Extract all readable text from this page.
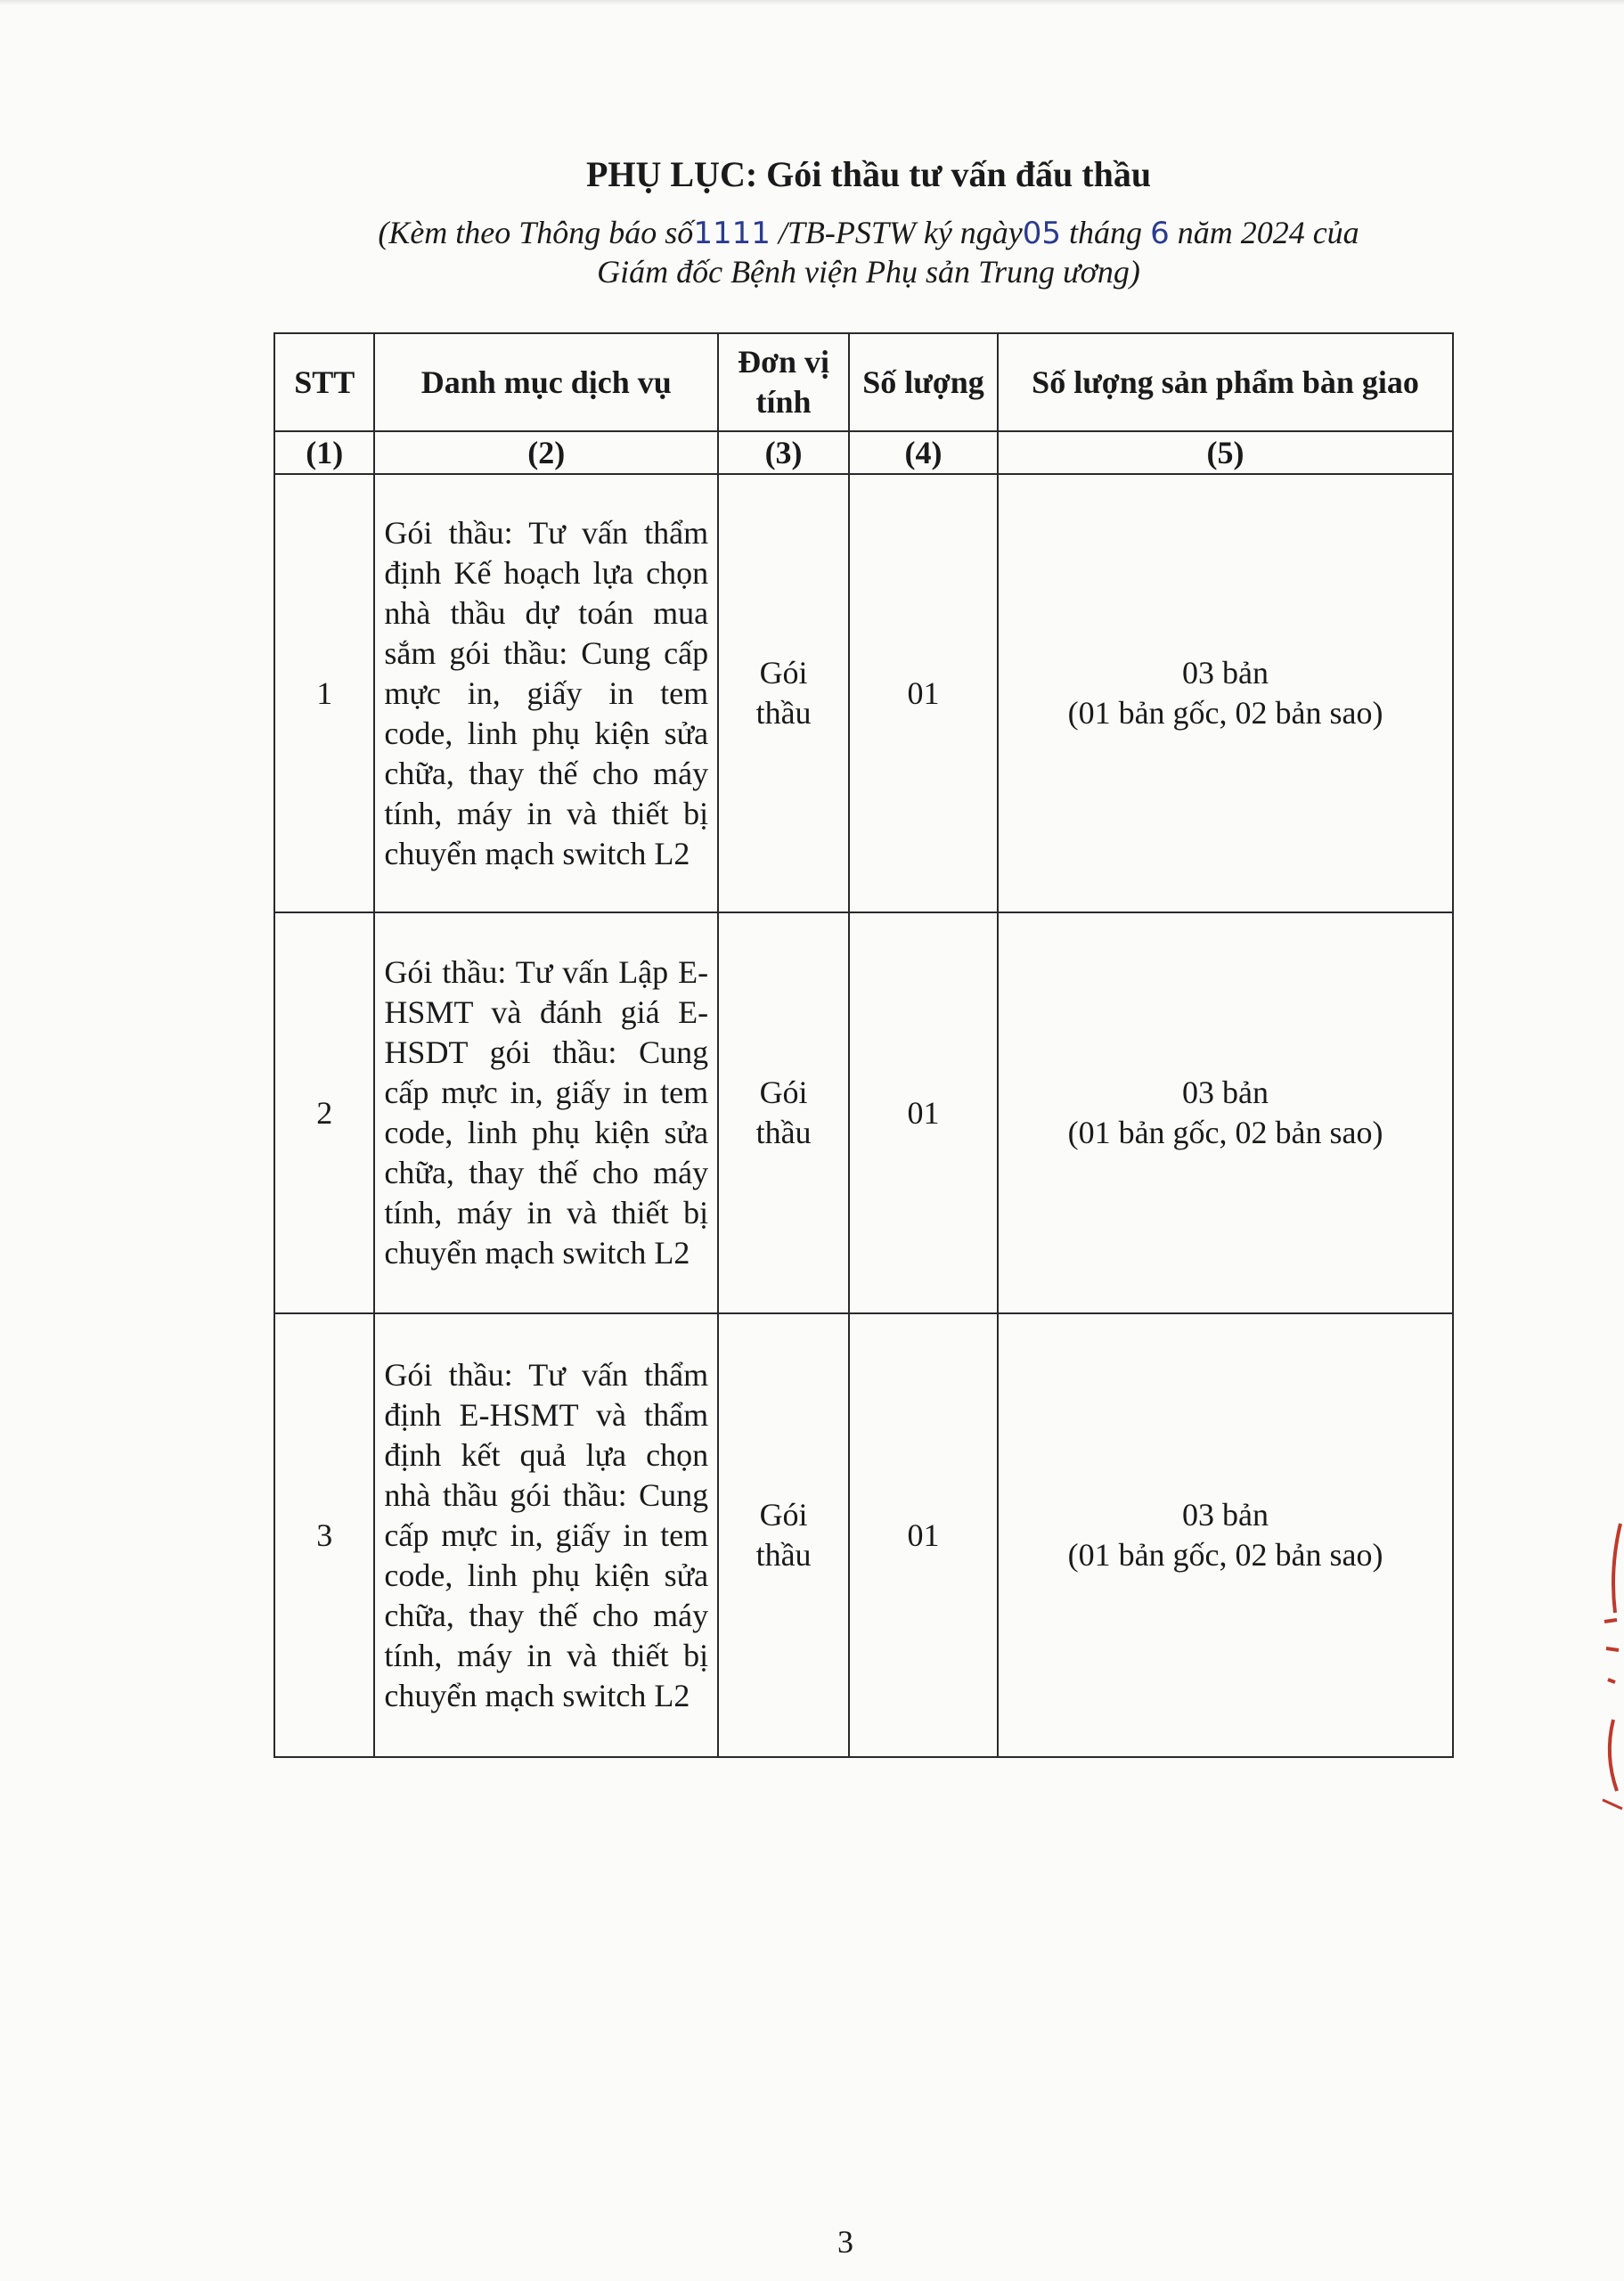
PHỤ LỤC: Gói thầu tư vấn đấu thầu
(Kèm theo Thông báo số1111 /TB-PSTW ký ngày05 tháng 6 năm 2024 của
Giám đốc Bệnh viện Phụ sản Trung ương)
STT	Danh mục dịch vụ	Đơn vị tính	Số lượng	Số lượng sản phẩm bàn giao
(1)	(2)	(3)	(4)	(5)
1	Gói thầu: Tư vấn thẩm định Kế hoạch lựa chọn nhà thầu dự toán mua sắm gói thầu: Cung cấp mực in, giấy in tem code, linh phụ kiện sửa chữa, thay thế cho máy tính, máy in và thiết bị chuyển mạch switch L2	Gói thầu	01	03 bản
(01 bản gốc, 02 bản sao)

2	Gói thầu: Tư vấn Lập E-HSMT và đánh giá E-HSDT gói thầu: Cung cấp mực in, giấy in tem code, linh phụ kiện sửa chữa, thay thế cho máy tính, máy in và thiết bị chuyển mạch switch L2	Gói thầu	01	03 bản
(01 bản gốc, 02 bản sao)

3	Gói thầu: Tư vấn thẩm định E-HSMT và thẩm định kết quả lựa chọn nhà thầu gói thầu: Cung cấp mực in, giấy in tem code, linh phụ kiện sửa chữa, thay thế cho máy tính, máy in và thiết bị chuyển mạch switch L2	Gói thầu	01	03 bản
(01 bản gốc, 02 bản sao)
3
